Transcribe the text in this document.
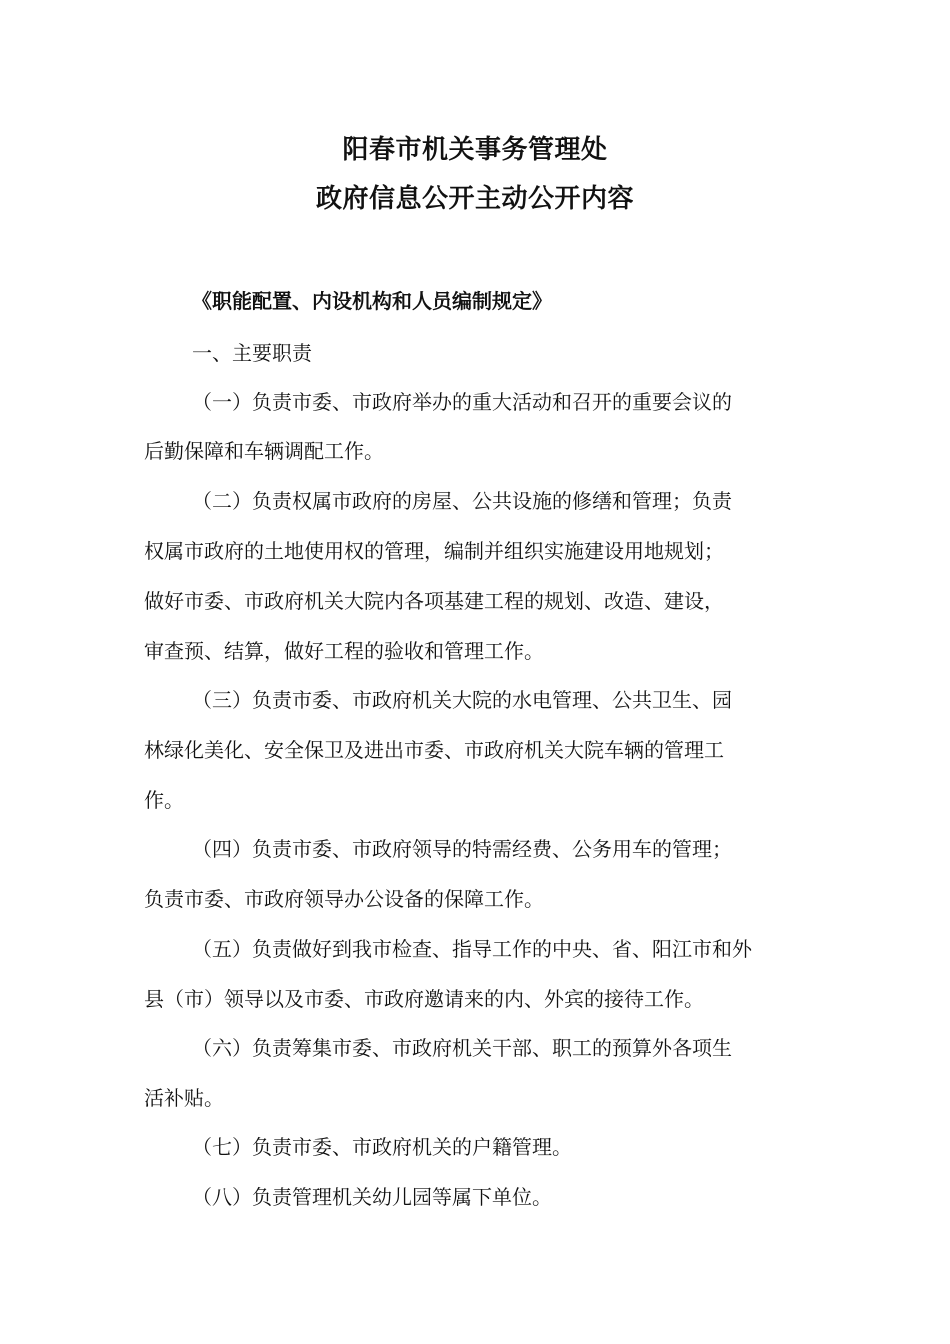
阳春市机关事务管理处
政府信息公开主动公开内容
《职能配置、内设机构和人员编制规定》
一、主要职责
（一）负责市委、市政府举办的重大活动和召开的重要会议的
后勤保障和车辆调配工作。
（二）负责权属市政府的房屋、公共设施的修缮和管理；负责
权属市政府的土地使用权的管理，编制并组织实施建设用地规划；
做好市委、市政府机关大院内各项基建工程的规划、改造、建设，
审查预、结算，做好工程的验收和管理工作。
（三）负责市委、市政府机关大院的水电管理、公共卫生、园
林绿化美化、安全保卫及进出市委、市政府机关大院车辆的管理工
作。
（四）负责市委、市政府领导的特需经费、公务用车的管理；
负责市委、市政府领导办公设备的保障工作。
（五）负责做好到我市检查、指导工作的中央、省、阳江市和外
县（市）领导以及市委、市政府邀请来的内、外宾的接待工作。
（六）负责筹集市委、市政府机关干部、职工的预算外各项生
活补贴。
（七）负责市委、市政府机关的户籍管理。
（八）负责管理机关幼儿园等属下单位。
